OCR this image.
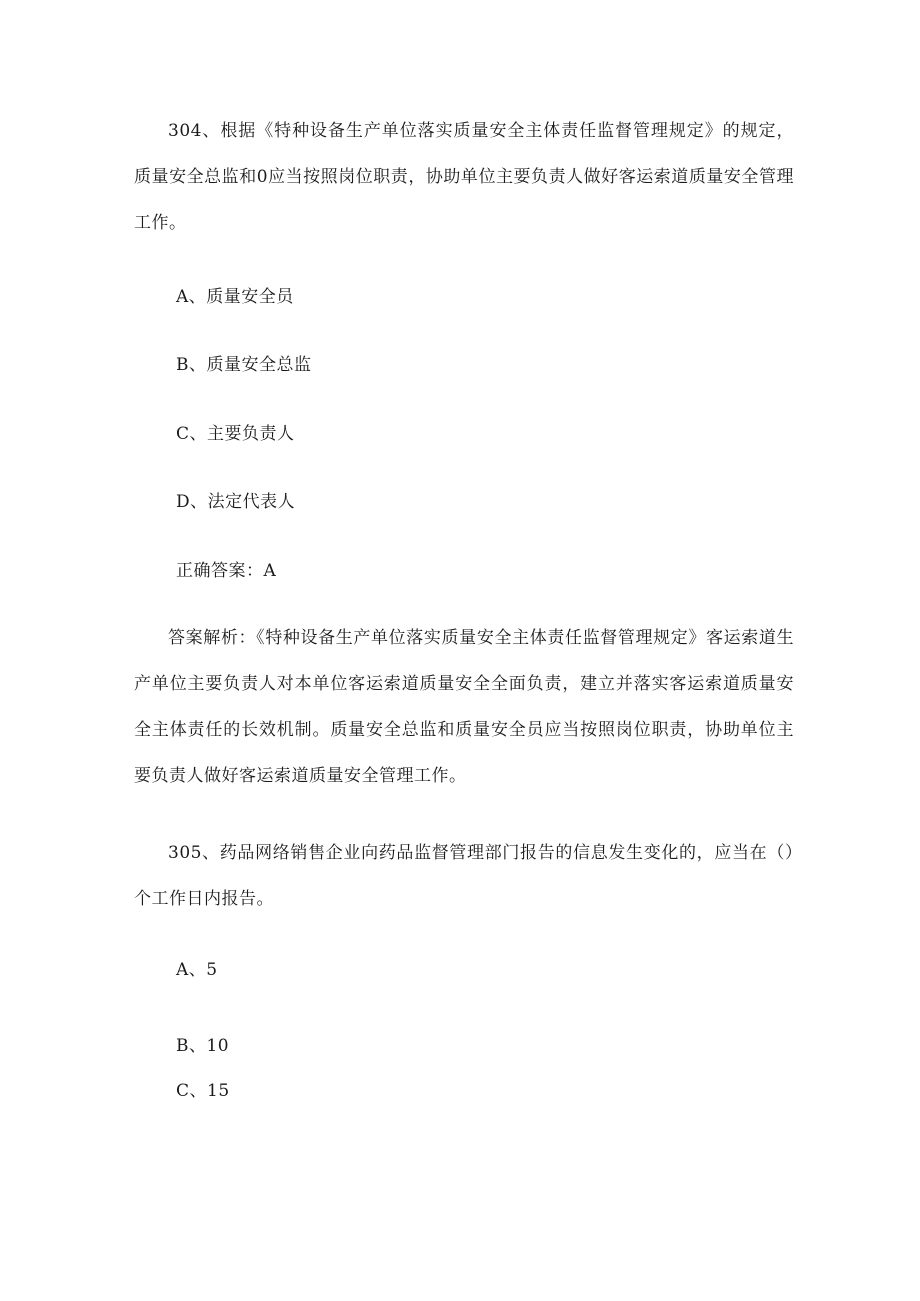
304、根据《特种设备生产单位落实质量安全主体责任监督管理规定》的规定，质量安全总监和0应当按照岗位职责，协助单位主要负责人做好客运索道质量安全管理工作。

A、质量安全员

B、质量安全总监

C、主要负责人

D、法定代表人

正确答案：A

答案解析：《特种设备生产单位落实质量安全主体责任监督管理规定》客运索道生产单位主要负责人对本单位客运索道质量安全全面负责，建立并落实客运索道质量安全主体责任的长效机制。质量安全总监和质量安全员应当按照岗位职责，协助单位主要负责人做好客运索道质量安全管理工作。

305、药品网络销售企业向药品监督管理部门报告的信息发生变化的，应当在（）个工作日内报告。

A、5

B、10

C、15
